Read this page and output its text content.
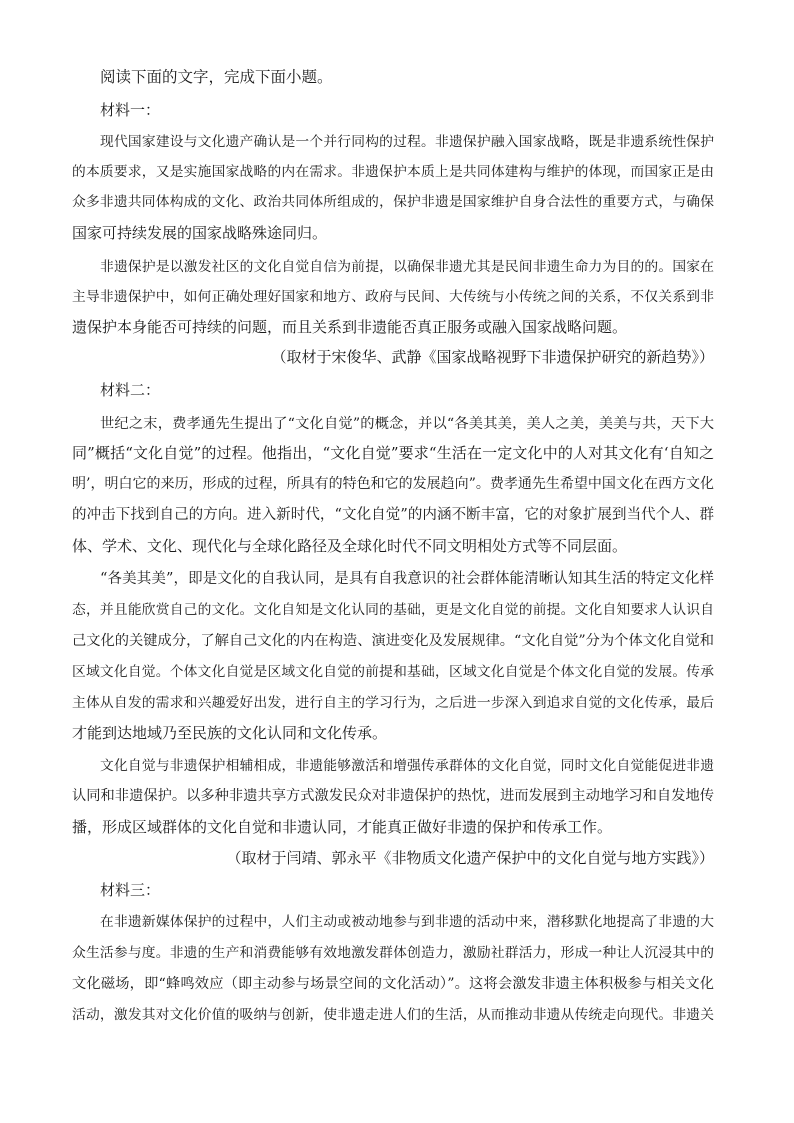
阅读下面的文字，完成下面小题。
材料一：
现代国家建设与文化遗产确认是一个并行同构的过程。非遗保护融入国家战略，既是非遗系统性保护
的本质要求，又是实施国家战略的内在需求。非遗保护本质上是共同体建构与维护的体现，而国家正是由
众多非遗共同体构成的文化、政治共同体所组成的，保护非遗是国家维护自身合法性的重要方式，与确保
国家可持续发展的国家战略殊途同归。
非遗保护是以激发社区的文化自觉自信为前提，以确保非遗尤其是民间非遗生命力为目的的。国家在
主导非遗保护中，如何正确处理好国家和地方、政府与民间、大传统与小传统之间的关系，不仅关系到非
遗保护本身能否可持续的问题，而且关系到非遗能否真正服务或融入国家战略问题。
（取材于宋俊华、武静《国家战略视野下非遗保护研究的新趋势》）
材料二：
世纪之末，费孝通先生提出了“文化自觉”的概念，并以“各美其美，美人之美，美美与共，天下大
同”概括“文化自觉”的过程。他指出，“文化自觉”要求“生活在一定文化中的人对其文化有‘自知之
明’，明白它的来历，形成的过程，所具有的特色和它的发展趋向”。费孝通先生希望中国文化在西方文化
的冲击下找到自己的方向。进入新时代，“文化自觉”的内涵不断丰富，它的对象扩展到当代个人、群
体、学术、文化、现代化与全球化路径及全球化时代不同文明相处方式等不同层面。
“各美其美”，即是文化的自我认同，是具有自我意识的社会群体能清晰认知其生活的特定文化样
态，并且能欣赏自己的文化。文化自知是文化认同的基础，更是文化自觉的前提。文化自知要求人认识自
己文化的关键成分，了解自己文化的内在构造、演进变化及发展规律。“文化自觉”分为个体文化自觉和
区域文化自觉。个体文化自觉是区域文化自觉的前提和基础，区域文化自觉是个体文化自觉的发展。传承
主体从自发的需求和兴趣爱好出发，进行自主的学习行为，之后进一步深入到追求自觉的文化传承，最后
才能到达地域乃至民族的文化认同和文化传承。
文化自觉与非遗保护相辅相成，非遗能够激活和增强传承群体的文化自觉，同时文化自觉能促进非遗
认同和非遗保护。以多种非遗共享方式激发民众对非遗保护的热忱，进而发展到主动地学习和自发地传
播，形成区域群体的文化自觉和非遗认同，才能真正做好非遗的保护和传承工作。
（取材于闫靖、郭永平《非物质文化遗产保护中的文化自觉与地方实践》）
材料三：
在非遗新媒体保护的过程中，人们主动或被动地参与到非遗的活动中来，潜移默化地提高了非遗的大
众生活参与度。非遗的生产和消费能够有效地激发群体创造力，激励社群活力，形成一种让人沉浸其中的
文化磁场，即“蜂鸣效应（即主动参与场景空间的文化活动）”。这将会激发非遗主体积极参与相关文化
活动，激发其对文化价值的吸纳与创新，使非遗走进人们的生活，从而推动非遗从传统走向现代。非遗关
